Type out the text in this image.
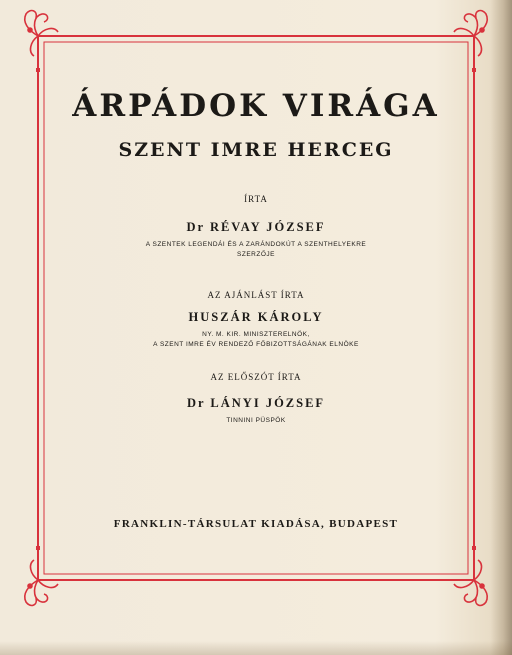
ÁRPÁDOK VIRÁGA
SZENT IMRE HERCEG
ÍRTA
Dr RÉVAY JÓZSEF
A SZENTEK LEGENDÁI ÉS A ZARÁNDOKÚT A SZENTHELYEKRE
SZERZŐJE
AZ AJÁNLÁST ÍRTA
HUSZÁR KÁROLY
NY. M. KIR. MINISZTERELNÖK,
A SZENT IMRE ÉV RENDEZŐ FŐBIZOTTSÁGÁNAK ELNÖKE
AZ ELŐSZÓT ÍRTA
Dr LÁNYI JÓZSEF
TINNINI PÜSPÖK
FRANKLIN-TÁRSULAT KIADÁSA, BUDAPEST
